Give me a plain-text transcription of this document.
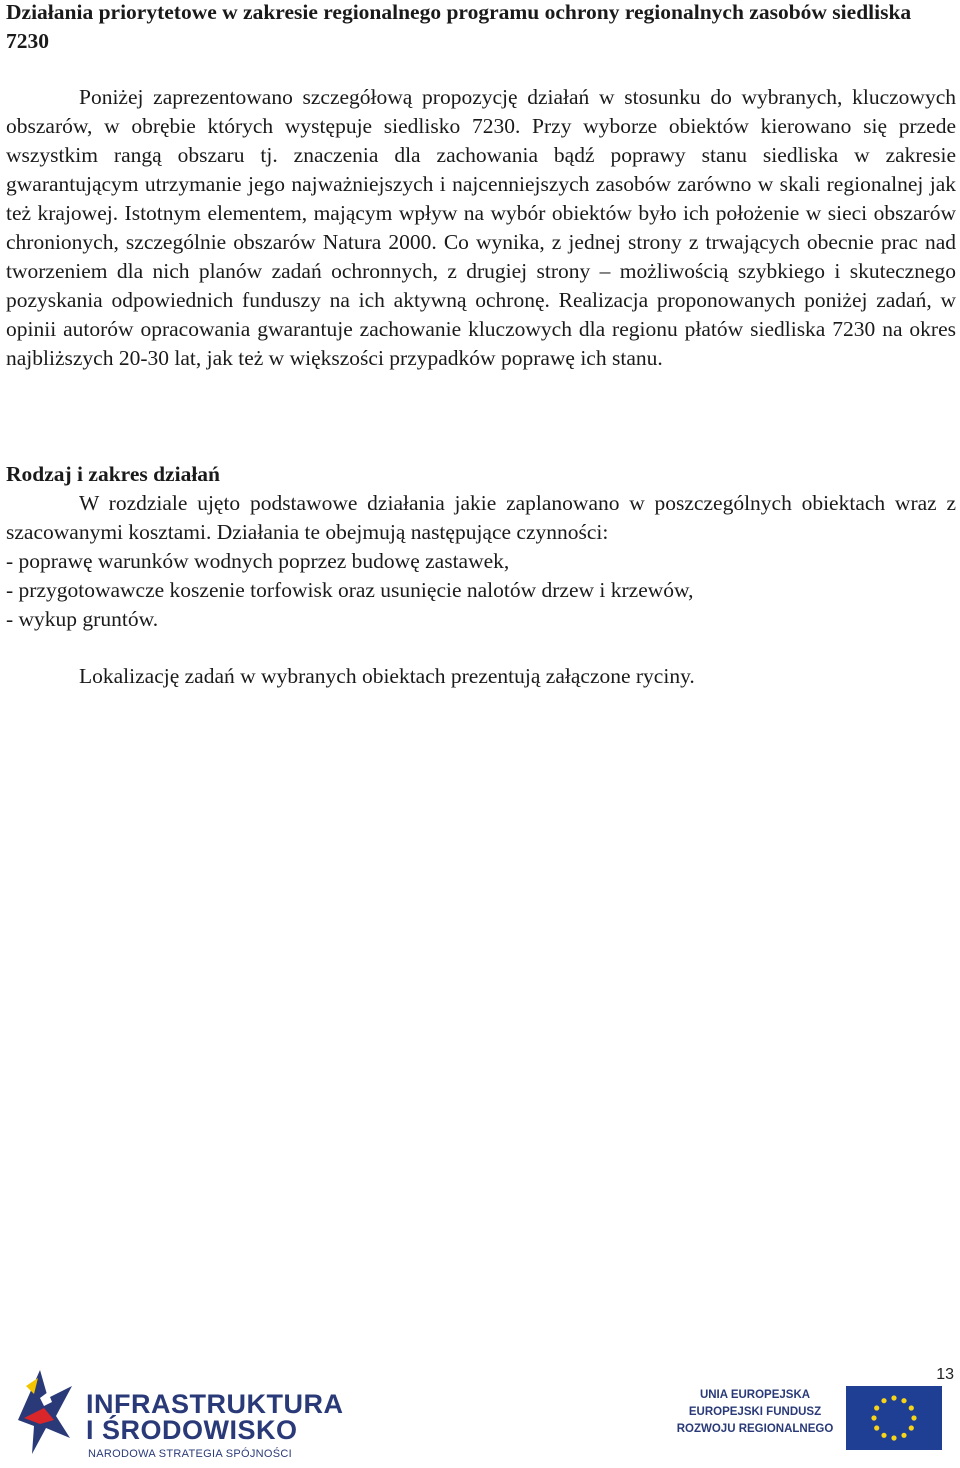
Działania priorytetowe w zakresie regionalnego programu ochrony regionalnych zasobów siedliska 7230

Poniżej zaprezentowano szczegółową propozycję działań w stosunku do wybranych, kluczowych obszarów, w obrębie których występuje siedlisko 7230. Przy wyborze obiektów kierowano się przede wszystkim rangą obszaru tj. znaczenia dla zachowania bądź poprawy stanu siedliska w zakresie gwarantującym utrzymanie jego najważniejszych i najcenniejszych zasobów zarówno w skali regionalnej jak też krajowej. Istotnym elementem, mającym wpływ na wybór obiektów było ich położenie w sieci obszarów chronionych, szczególnie obszarów Natura 2000. Co wynika, z jednej strony z trwających obecnie prac nad tworzeniem dla nich planów zadań ochronnych, z drugiej strony – możliwością szybkiego i skutecznego pozyskania odpowiednich funduszy na ich aktywną ochronę. Realizacja proponowanych poniżej zadań, w opinii autorów opracowania gwarantuje zachowanie kluczowych dla regionu płatów siedliska 7230 na okres najbliższych 20-30 lat, jak też w większości przypadków poprawę ich stanu.

Rodzaj i zakres działań

W rozdziale ujęto podstawowe działania jakie zaplanowano w poszczególnych obiektach wraz z szacowanymi kosztami. Działania te obejmują następujące czynności:

- poprawę warunków wodnych poprzez budowę zastawek,
- przygotowawcze koszenie torfowisk oraz usunięcie nalotów drzew i krzewów,
- wykup gruntów.

Lokalizację zadań w wybranych obiektach prezentują załączone ryciny.

INFRASTRUKTURA
I ŚRODOWISKO
NARODOWA STRATEGIA SPÓJNOŚCI
UNIA EUROPEJSKA
EUROPEJSKI FUNDUSZ
ROZWOJU REGIONALNEGO
13
